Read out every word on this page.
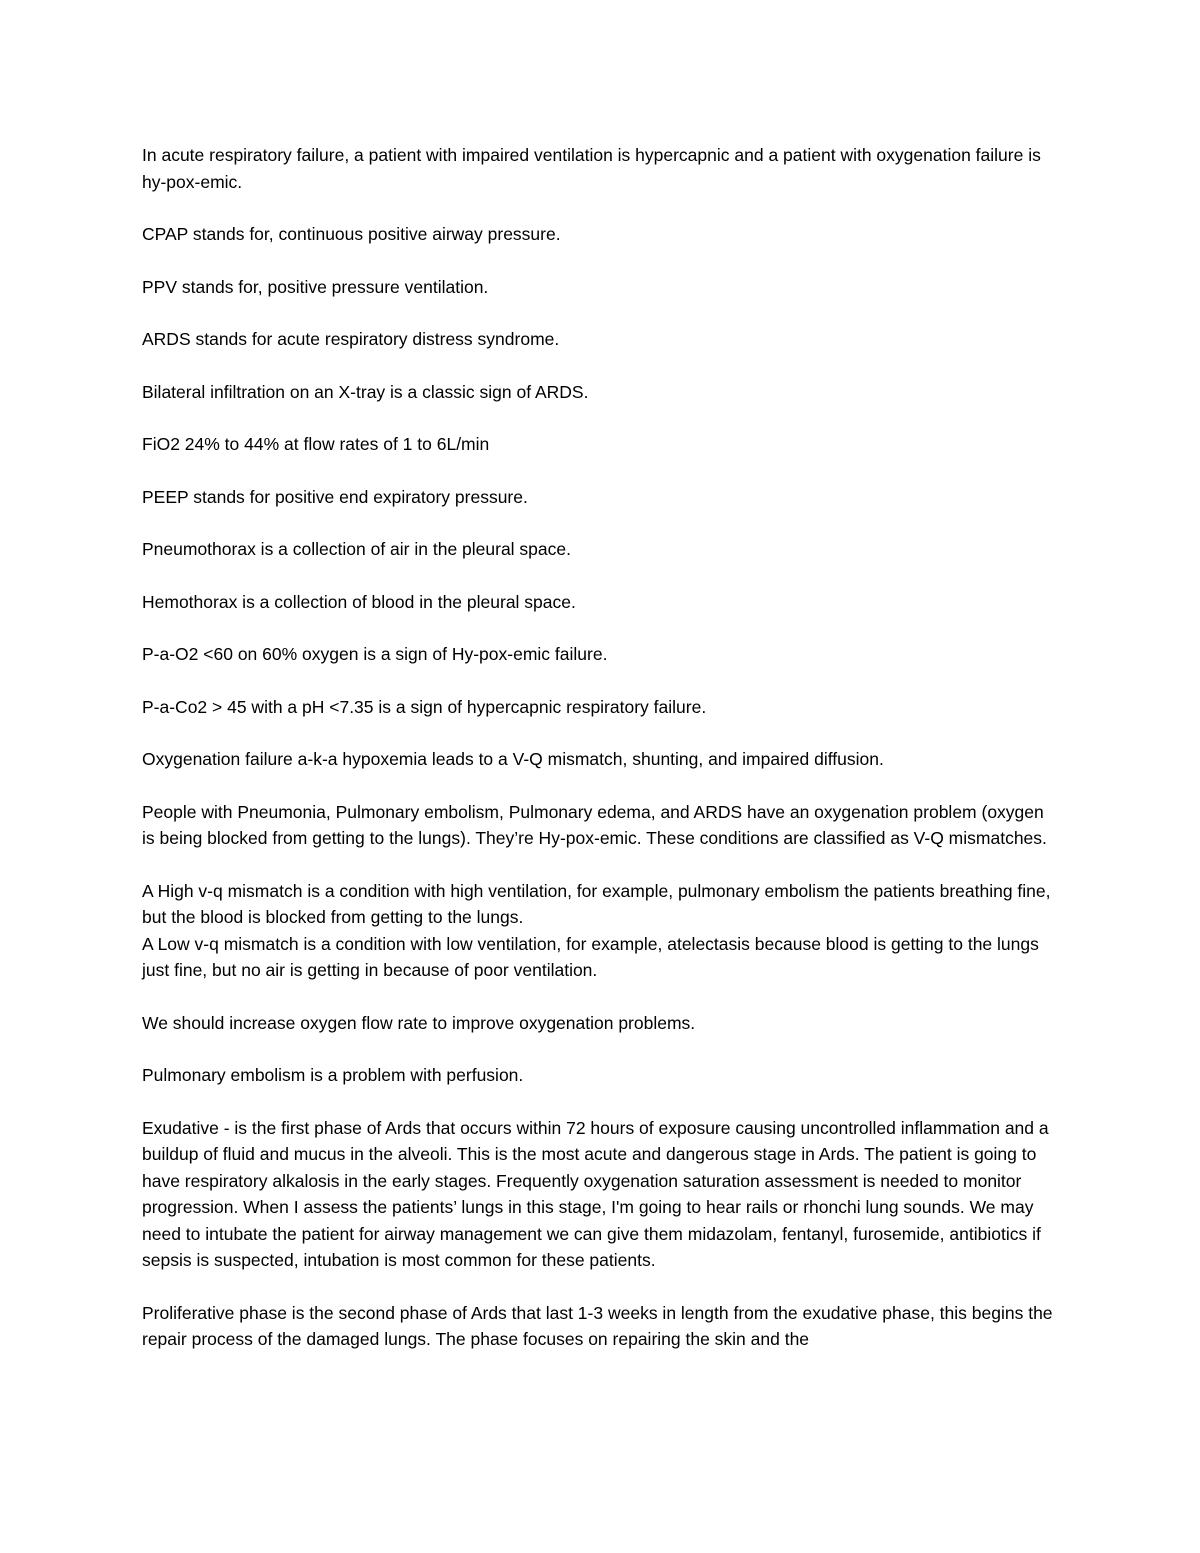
In acute respiratory failure, a patient with impaired ventilation is hypercapnic and a patient with oxygenation failure is hy-pox-emic.

CPAP stands for, continuous positive airway pressure.

PPV stands for, positive pressure ventilation.

ARDS stands for acute respiratory distress syndrome.

Bilateral infiltration on an X-tray is a classic sign of ARDS.

FiO2 24% to 44% at flow rates of 1 to 6L/min

PEEP stands for positive end expiratory pressure.

Pneumothorax is a collection of air in the pleural space.

Hemothorax is a collection of blood in the pleural space.

P-a-O2 <60 on 60% oxygen is a sign of Hy-pox-emic failure.

P-a-Co2 > 45 with a pH <7.35 is a sign of hypercapnic respiratory failure.

Oxygenation failure a-k-a hypoxemia leads to a V-Q mismatch, shunting, and impaired diffusion.

People with Pneumonia, Pulmonary embolism, Pulmonary edema, and ARDS have an oxygenation problem (oxygen is being blocked from getting to the lungs). They’re Hy-pox-emic. These conditions are classified as V-Q mismatches.

A High v-q mismatch is a condition with high ventilation, for example, pulmonary embolism the patients breathing fine, but the blood is blocked from getting to the lungs.

A Low v-q mismatch is a condition with low ventilation, for example, atelectasis because blood is getting to the lungs just fine, but no air is getting in because of poor ventilation.

We should increase oxygen flow rate to improve oxygenation problems.

Pulmonary embolism is a problem with perfusion.

Exudative - is the first phase of Ards that occurs within 72 hours of exposure causing uncontrolled inflammation and a buildup of fluid and mucus in the alveoli. This is the most acute and dangerous stage in Ards. The patient is going to have respiratory alkalosis in the early stages. Frequently oxygenation saturation assessment is needed to monitor progression. When I assess the patients’ lungs in this stage, I'm going to hear rails or rhonchi lung sounds. We may need to intubate the patient for airway management we can give them midazolam, fentanyl, furosemide, antibiotics if sepsis is suspected, intubation is most common for these patients.

Proliferative phase is the second phase of Ards that last 1-3 weeks in length from the exudative phase, this begins the repair process of the damaged lungs. The phase focuses on repairing the skin and the
